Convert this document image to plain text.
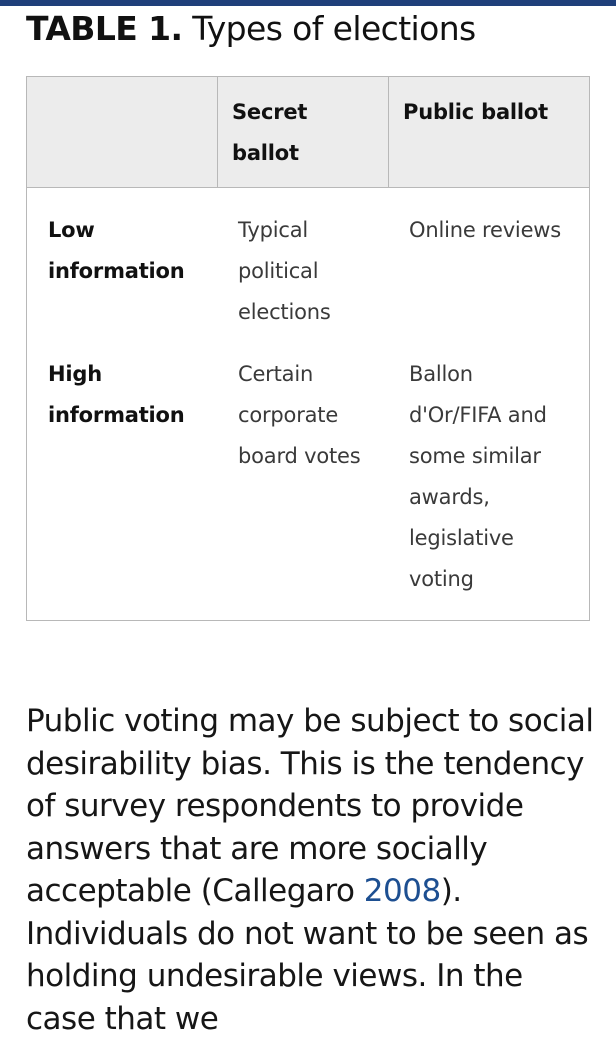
TABLE 1. Types of elections
Secret ballot
Public ballot
Low information
Typical political elections
Online reviews
High information
Certain corporate board votes
Ballon d'Or/FIFA and some similar awards, legislative voting
Public voting may be subject to social desirability bias. This is the tendency of survey respondents to provide answers that are more socially acceptable (Callegaro 2008). Individuals do not want to be seen as holding undesirable views. In the case that we
